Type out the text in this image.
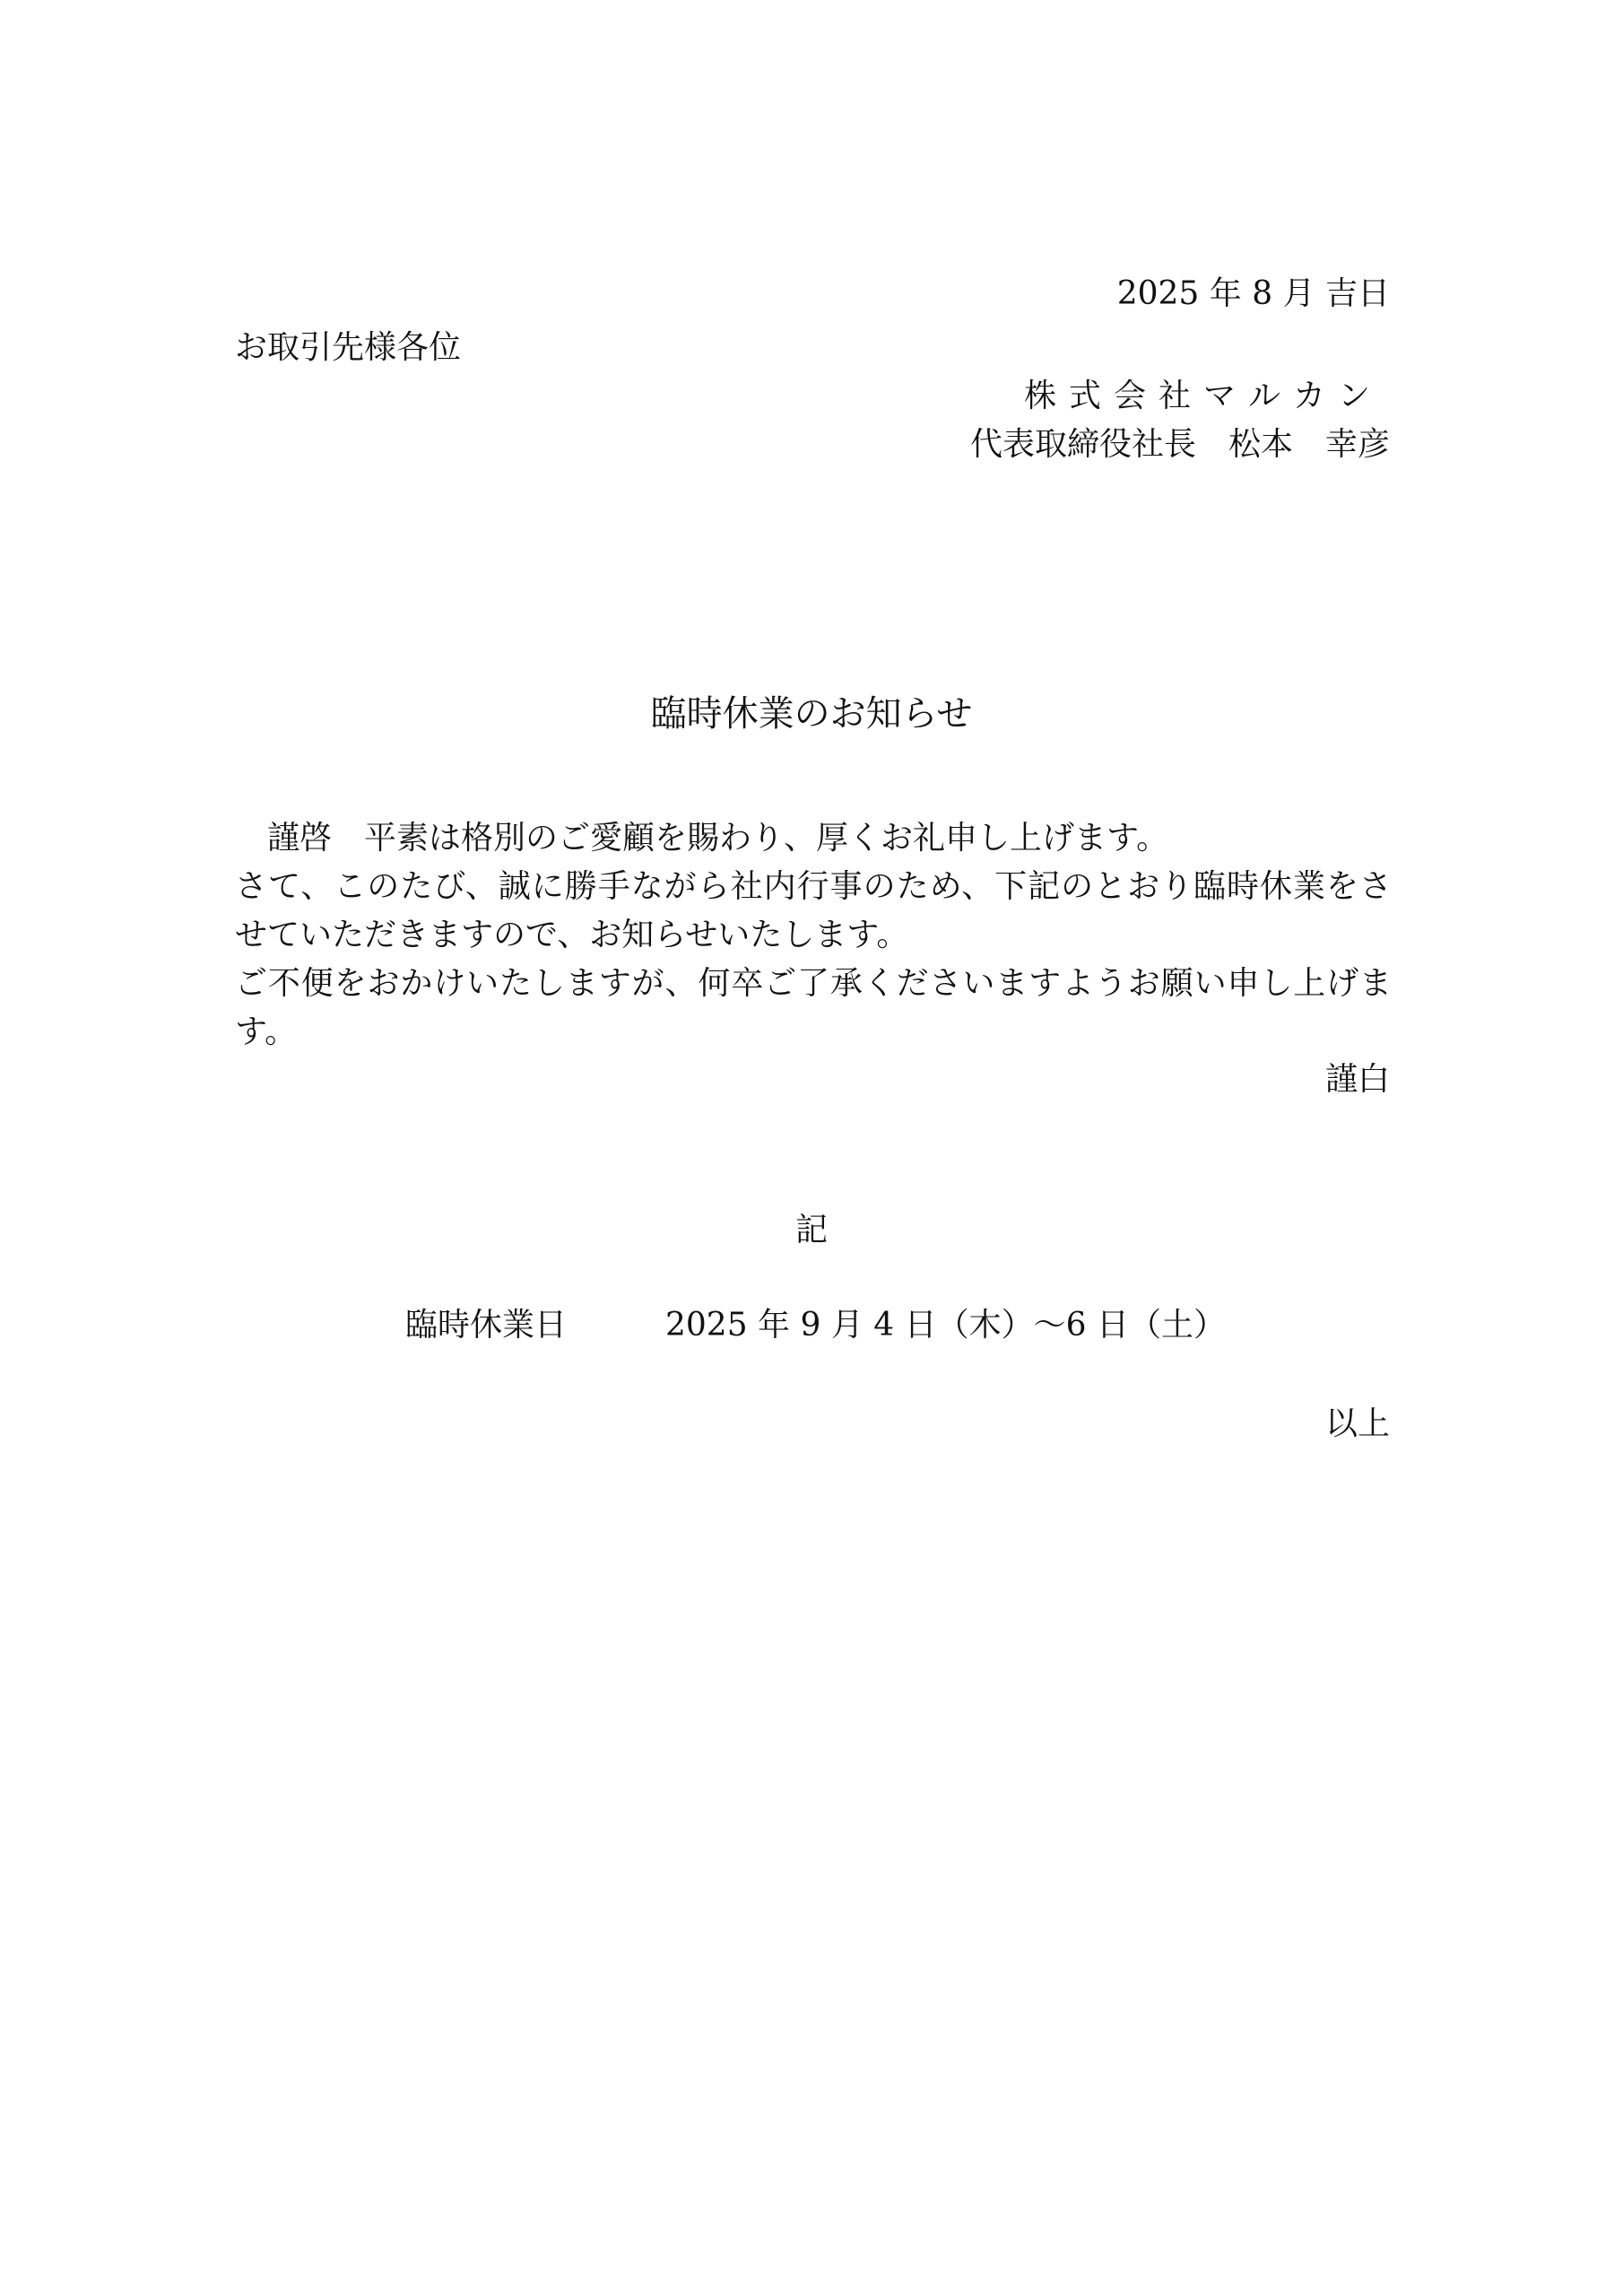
2025 年 8 月 吉日
お取引先様各位
株式会社マルカン
代表取締役社長　松本　幸彦
臨時休業のお知らせ

　謹啓　平素は格別のご愛顧を賜わり、厚くお礼申し上げます。

さて、このたび、誠に勝手ながら社内行事のため、下記のとおり臨時休業をさせていただきますので、お知らせいたします。

ご不便をおかけいたしますが、何卒ご了承くださいますようお願い申し上げます。

謹白
記
臨時休業日	2025 年 9 月 4 日（木）～6 日（土）
以上
